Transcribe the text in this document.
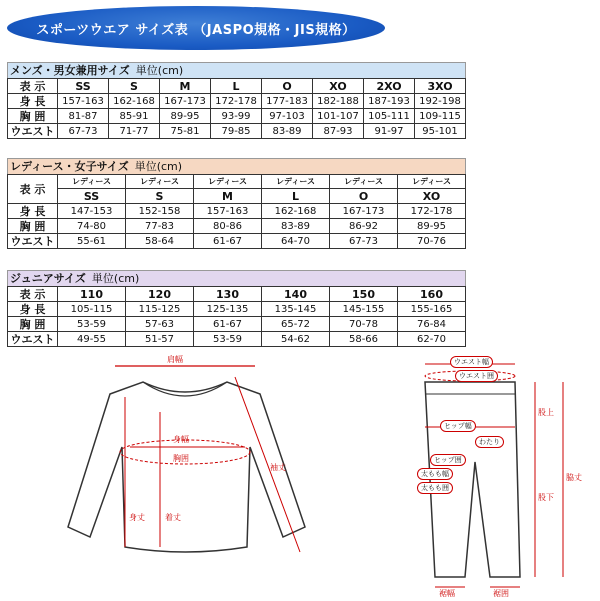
スポーツウエア サイズ表 （JASPO規格・JIS規格）
メンズ・男女兼用サイズ 単位(cm)
表 示	SS	S	M	L	O	XO	2XO	3XO
身 長	157-163	162-168	167-173	172-178	177-183	182-188	187-193	192-198
胸 囲	81-87	85-91	89-95	93-99	97-103	101-107	105-111	109-115
ウエスト	67-73	71-77	75-81	79-85	83-89	87-93	91-97	95-101
レディース・女子サイズ 単位(cm)
表 示	レディース	レディース	レディース	レディース	レディース	レディース
	SS	S	M	L	O	XO
身 長	147-153	152-158	157-163	162-168	167-173	172-178
胸 囲	74-80	77-83	80-86	83-89	86-92	89-95
ウエスト	55-61	58-64	61-67	64-70	67-73	70-76
ジュニアサイズ 単位(cm)
表 示	110	120	130	140	150	160
身 長	105-115	115-125	125-135	135-145	145-155	155-165
胸 囲	53-59	57-63	61-67	65-72	70-78	76-84
ウエスト	49-55	51-57	53-59	54-62	58-66	62-70
肩幅
身幅
胸囲
袖丈
身丈	着丈
ウエスト幅
ウエスト囲
ヒップ幅
わたり
ヒップ囲
太もも幅
太もも囲
股上
股下
脇丈
裾幅	裾囲
